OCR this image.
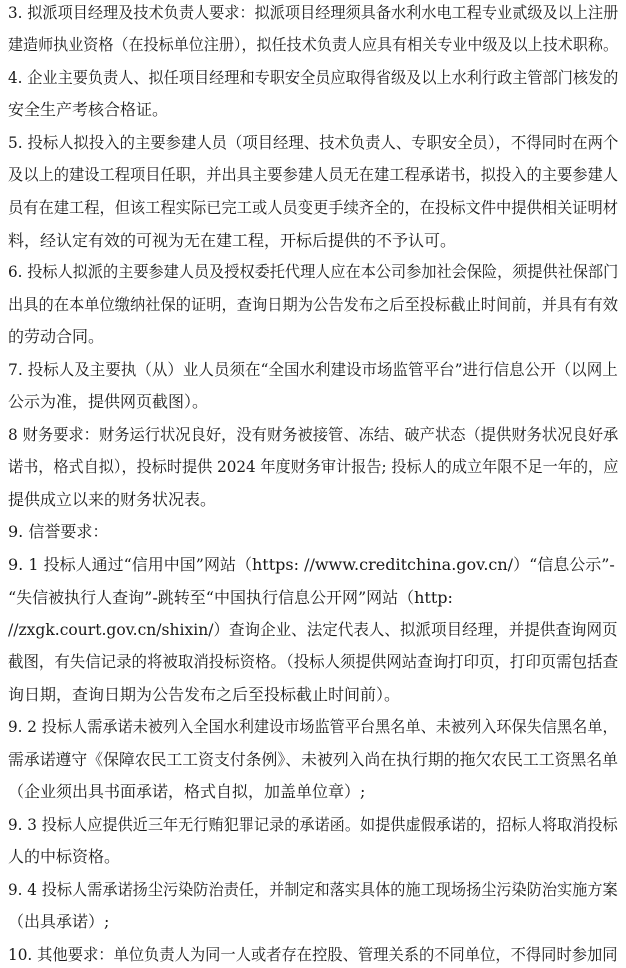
3. 拟派项目经理及技术负责人要求：拟派项目经理须具备水利水电工程专业贰级及以上注册
建造师执业资格（在投标单位注册），拟任技术负责人应具有相关专业中级及以上技术职称。
4. 企业主要负责人、拟任项目经理和专职安全员应取得省级及以上水利行政主管部门核发的
安全生产考核合格证。
5. 投标人拟投入的主要参建人员（项目经理、技术负责人、专职安全员），不得同时在两个
及以上的建设工程项目任职，并出具主要参建人员无在建工程承诺书，拟投入的主要参建人
员有在建工程，但该工程实际已完工或人员变更手续齐全的，在投标文件中提供相关证明材
料，经认定有效的可视为无在建工程，开标后提供的不予认可。
6. 投标人拟派的主要参建人员及授权委托代理人应在本公司参加社会保险，须提供社保部门
出具的在本单位缴纳社保的证明，查询日期为公告发布之后至投标截止时间前，并具有有效
的劳动合同。
7. 投标人及主要执（从）业人员须在“全国水利建设市场监管平台”进行信息公开（以网上
公示为准，提供网页截图）。
8 财务要求：财务运行状况良好，没有财务被接管、冻结、破产状态（提供财务状况良好承
诺书，格式自拟），投标时提供 2024 年度财务审计报告; 投标人的成立年限不足一年的，应
提供成立以来的财务状况表。
9. 信誉要求：
9. 1 投标人通过“信用中国”网站（https: //www.creditchina.gov.cn/）“信息公示”-
“失信被执行人查询”-跳转至“中国执行信息公开网”网站（http:
//zxgk.court.gov.cn/shixin/）查询企业、法定代表人、拟派项目经理，并提供查询网页
截图，有失信记录的将被取消投标资格。（投标人须提供网站查询打印页，打印页需包括查
询日期，查询日期为公告发布之后至投标截止时间前）。
9. 2 投标人需承诺未被列入全国水利建设市场监管平台黑名单、未被列入环保失信黑名单，
需承诺遵守《保障农民工工资支付条例》、未被列入尚在执行期的拖欠农民工工资黑名单
（企业须出具书面承诺，格式自拟，加盖单位章）;
9. 3 投标人应提供近三年无行贿犯罪记录的承诺函。如提供虚假承诺的，招标人将取消投标
人的中标资格。
9. 4 投标人需承诺扬尘污染防治责任，并制定和落实具体的施工现场扬尘污染防治实施方案
（出具承诺）;
10. 其他要求：单位负责人为同一人或者存在控股、管理关系的不同单位，不得同时参加同
